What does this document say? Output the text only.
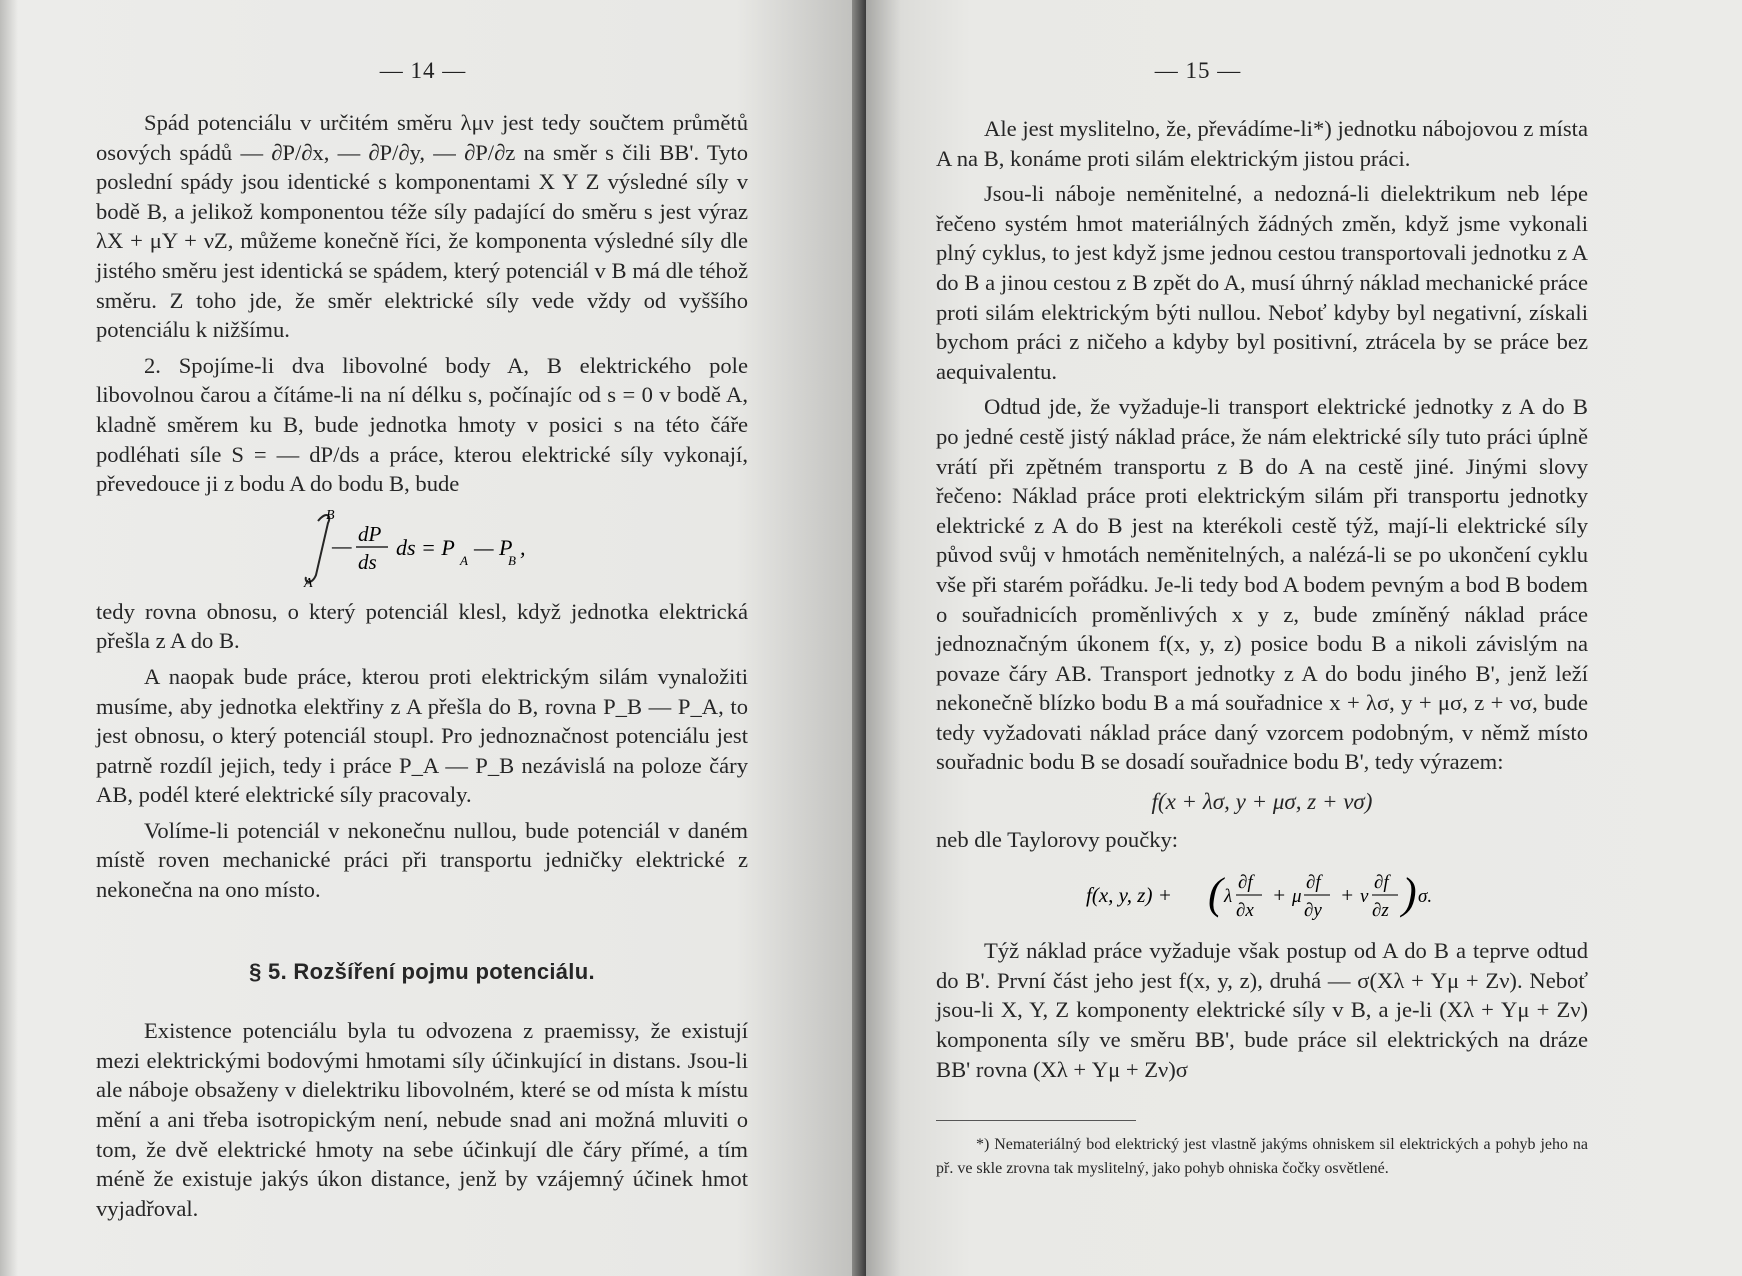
— 14 —

Spád potenciálu v určitém směru λμν jest tedy součtem průmětů osových spádů — ∂P/∂x, — ∂P/∂y, — ∂P/∂z na směr s čili BB'. Tyto poslední spády jsou identické s komponentami X Y Z výsledné síly v bodě B, a jelikož komponentou téže síly padající do směru s jest výraz λX + μY + νZ, můžeme konečně říci, že komponenta výsledné síly dle jistého směru jest identická se spádem, který potenciál v B má dle téhož směru. Z toho jde, že směr elektrické síly vede vždy od vyššího potenciálu k nižšímu.

2. Spojíme-li dva libovolné body A, B elektrického pole libovolnou čarou a čítáme-li na ní délku s, počínajíc od s = 0 v bodě A, kladně směrem ku B, bude jednotka hmoty v posici s na této čáře podléhati síle S = — dP/ds a práce, kterou elektrické síly vykonají, převedouce ji z bodu A do bodu B, bude

B
A
— dP
ds
ds = P
A
— P
B
,

tedy rovna obnosu, o který potenciál klesl, když jednotka elektrická přešla z A do B.

A naopak bude práce, kterou proti elektrickým silám vynaložiti musíme, aby jednotka elektřiny z A přešla do B, rovna P_B — P_A, to jest obnosu, o který potenciál stoupl. Pro jednoznačnost potenciálu jest patrně rozdíl jejich, tedy i práce P_A — P_B nezávislá na poloze čáry AB, podél které elektrické síly pracovaly.

Volíme-li potenciál v nekonečnu nullou, bude potenciál v daném místě roven mechanické práci při transportu jedničky elektrické z nekonečna na ono místo.

§ 5. Rozšíření pojmu potenciálu.

Existence potenciálu byla tu odvozena z praemissy, že existují mezi elektrickými bodovými hmotami síly účinkující in distans. Jsou-li ale náboje obsaženy v dielektriku libovolném, které se od místa k místu mění a ani třeba isotropickým není, nebude snad ani možná mluviti o tom, že dvě elektrické hmoty na sebe účinkují dle čáry přímé, a tím méně že existuje jakýs úkon distance, jenž by vzájemný účinek hmot vyjadřoval.

— 15 —

Ale jest myslitelno, že, převádíme-li*) jednotku nábojovou z místa A na B, konáme proti silám elektrickým jistou práci.

Jsou-li náboje neměnitelné, a nedozná-li dielektrikum neb lépe řečeno systém hmot materiálných žádných změn, když jsme vykonali plný cyklus, to jest když jsme jednou cestou transportovali jednotku z A do B a jinou cestou z B zpět do A, musí úhrný náklad mechanické práce proti silám elektrickým býti nullou. Neboť kdyby byl negativní, získali bychom práci z ničeho a kdyby byl positivní, ztrácela by se práce bez aequivalentu.

Odtud jde, že vyžaduje-li transport elektrické jednotky z A do B po jedné cestě jistý náklad práce, že nám elektrické síly tuto práci úplně vrátí při zpětném transportu z B do A na cestě jiné. Jinými slovy řečeno: Náklad práce proti elektrickým silám při transportu jednotky elektrické z A do B jest na kterékoli cestě týž, mají-li elektrické síly původ svůj v hmotách neměnitelných, a nalézá-li se po ukončení cyklu vše při starém pořádku. Je-li tedy bod A bodem pevným a bod B bodem o souřadnicích proměnlivých x y z, bude zmíněný náklad práce jednoznačným úkonem f(x, y, z) posice bodu B a nikoli závislým na povaze čáry AB. Transport jednotky z A do bodu jiného B', jenž leží nekonečně blízko bodu B a má souřadnice x + λσ, y + μσ, z + νσ, bude tedy vyžadovati náklad práce daný vzorcem podobným, v němž místo souřadnic bodu B se dosadí souřadnice bodu B', tedy výrazem:

f(x + λσ, y + μσ, z + νσ)

neb dle Taylorovy poučky:

f(x, y, z) + ( λ
∂f
∂x
+ μ
∂f
∂y
+ ν
∂f
∂z ) σ.

Týž náklad práce vyžaduje však postup od A do B a teprve odtud do B'. První část jeho jest f(x, y, z), druhá — σ(Xλ + Yμ + Zν). Neboť jsou-li X, Y, Z komponenty elektrické síly v B, a je-li (Xλ + Yμ + Zν) komponenta síly ve směru BB', bude práce sil elektrických na dráze BB' rovna (Xλ + Yμ + Zν)σ

*) Nemateriálný bod elektrický jest vlastně jakýms ohniskem sil elektrických a pohyb jeho na př. ve skle zrovna tak myslitelný, jako pohyb ohniska čočky osvětlené.
